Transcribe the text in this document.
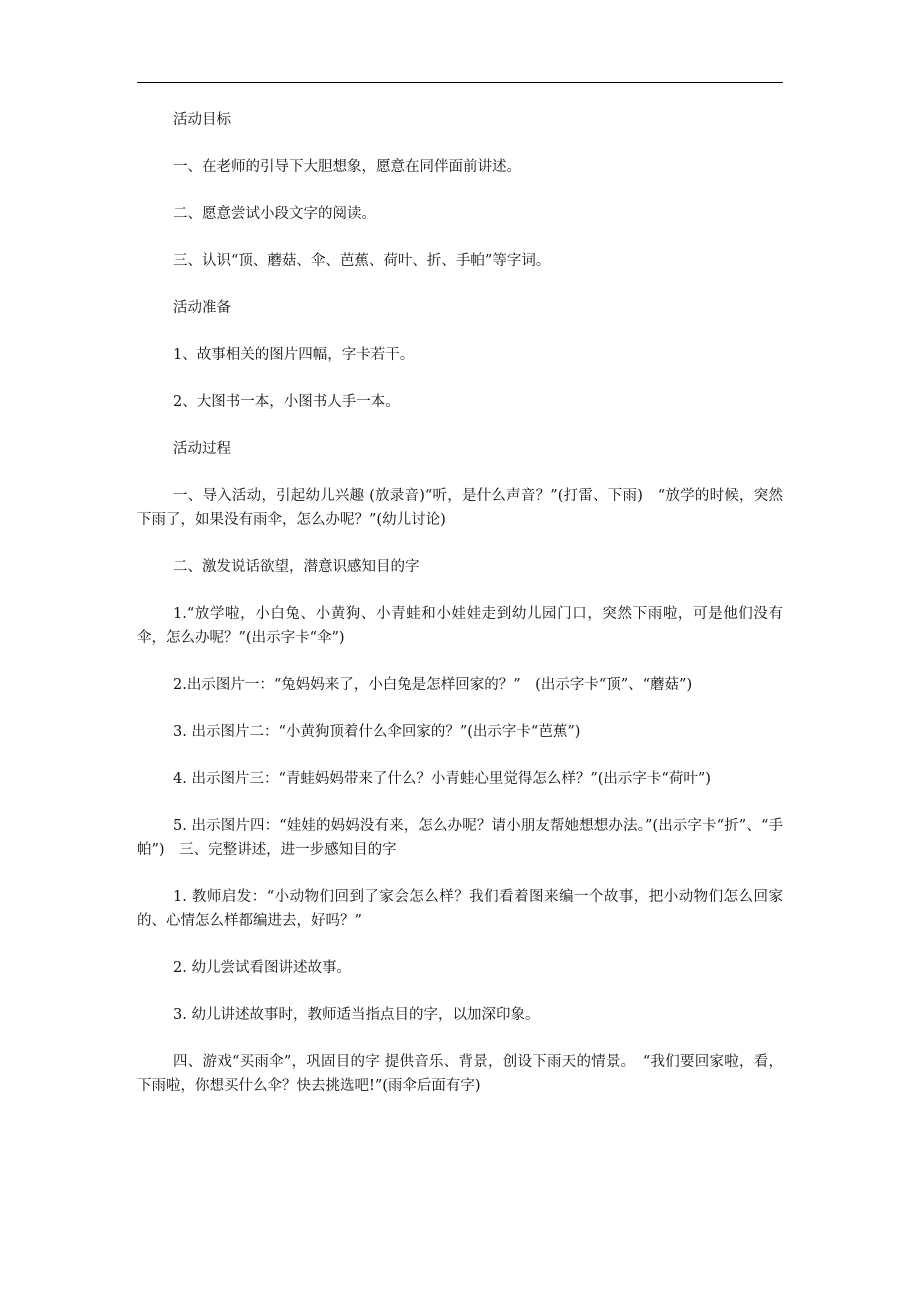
活动目标

一、在老师的引导下大胆想象，愿意在同伴面前讲述。

二、愿意尝试小段文字的阅读。

三、认识“顶、蘑菇、伞、芭蕉、荷叶、折、手帕”等字词。

活动准备

1、故事相关的图片四幅，字卡若干。

2、大图书一本，小图书人手一本。

活动过程

一、导入活动，引起幼儿兴趣 (放录音)“听，是什么声音？”(打雷、下雨)　“放学的时候，突然下雨了，如果没有雨伞，怎么办呢？”(幼儿讨论)

二、激发说话欲望，潜意识感知目的字

1.“放学啦，小白兔、小黄狗、小青蛙和小娃娃走到幼儿园门口，突然下雨啦，可是他们没有伞，怎么办呢？”(出示字卡“伞”)

2.出示图片一：“兔妈妈来了，小白兔是怎样回家的？”　(出示字卡“顶”、“蘑菇”)

3. 出示图片二：“小黄狗顶着什么伞回家的？”(出示字卡“芭蕉”)

4. 出示图片三：“青蛙妈妈带来了什么？小青蛙心里觉得怎么样？”(出示字卡“荷叶”)

5. 出示图片四：“娃娃的妈妈没有来，怎么办呢？请小朋友帮她想想办法。”(出示字卡“折”、“手帕”)　三、完整讲述，进一步感知目的字

1. 教师启发：“小动物们回到了家会怎么样？我们看着图来编一个故事，把小动物们怎么回家的、心情怎么样都编进去，好吗？”

2. 幼儿尝试看图讲述故事。

3. 幼儿讲述故事时，教师适当指点目的字，以加深印象。

四、游戏“买雨伞”，巩固目的字 提供音乐、背景，创设下雨天的情景。　“我们要回家啦，看，下雨啦，你想买什么伞？快去挑选吧!”(雨伞后面有字)
